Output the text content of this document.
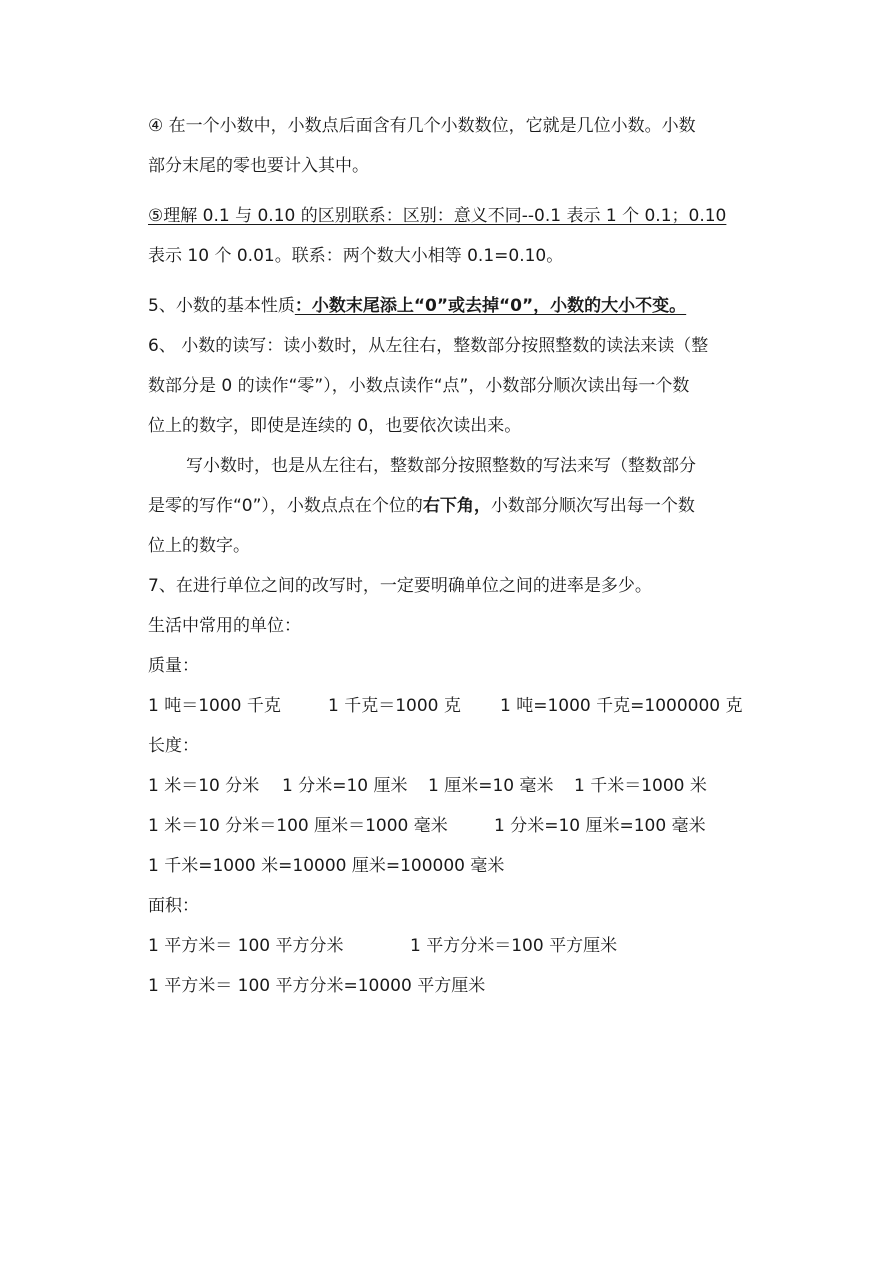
④ 在一个小数中，小数点后面含有几个小数数位，它就是几位小数。小数

部分末尾的零也要计入其中。

⑤理解 0.1 与 0.10 的区别联系：区别：意义不同--0.1 表示 1 个 0.1；0.10

表示 10 个 0.01。联系：两个数大小相等 0.1=0.10。

5、小数的基本性质：小数末尾添上“0”或去掉“0”，小数的大小不变。

6、 小数的读写：读小数时，从左往右，整数部分按照整数的读法来读（整

数部分是 0 的读作“零”），小数点读作“点”，小数部分顺次读出每一个数

位上的数字，即使是连续的 0，也要依次读出来。

写小数时，也是从左往右，整数部分按照整数的写法来写（整数部分

是零的写作“0”），小数点点在个位的右下角，小数部分顺次写出每一个数

位上的数字。

7、在进行单位之间的改写时，一定要明确单位之间的进率是多少。

生活中常用的单位：

质量：

1 吨＝1000 千克	1 千克＝1000 克 1 吨=1000 千克=1000000 克

长度：

1 米＝10 分米 1 分米=10 厘米 1 厘米=10 毫米 1 千米＝1000 米

1 米＝10 分米＝100 厘米＝1000 毫米	1 分米=10 厘米=100 毫米

1 千米=1000 米=10000 厘米=100000 毫米

面积：

1 平方米＝ 100 平方分米	1 平方分米＝100 平方厘米

1 平方米＝ 100 平方分米=10000 平方厘米
